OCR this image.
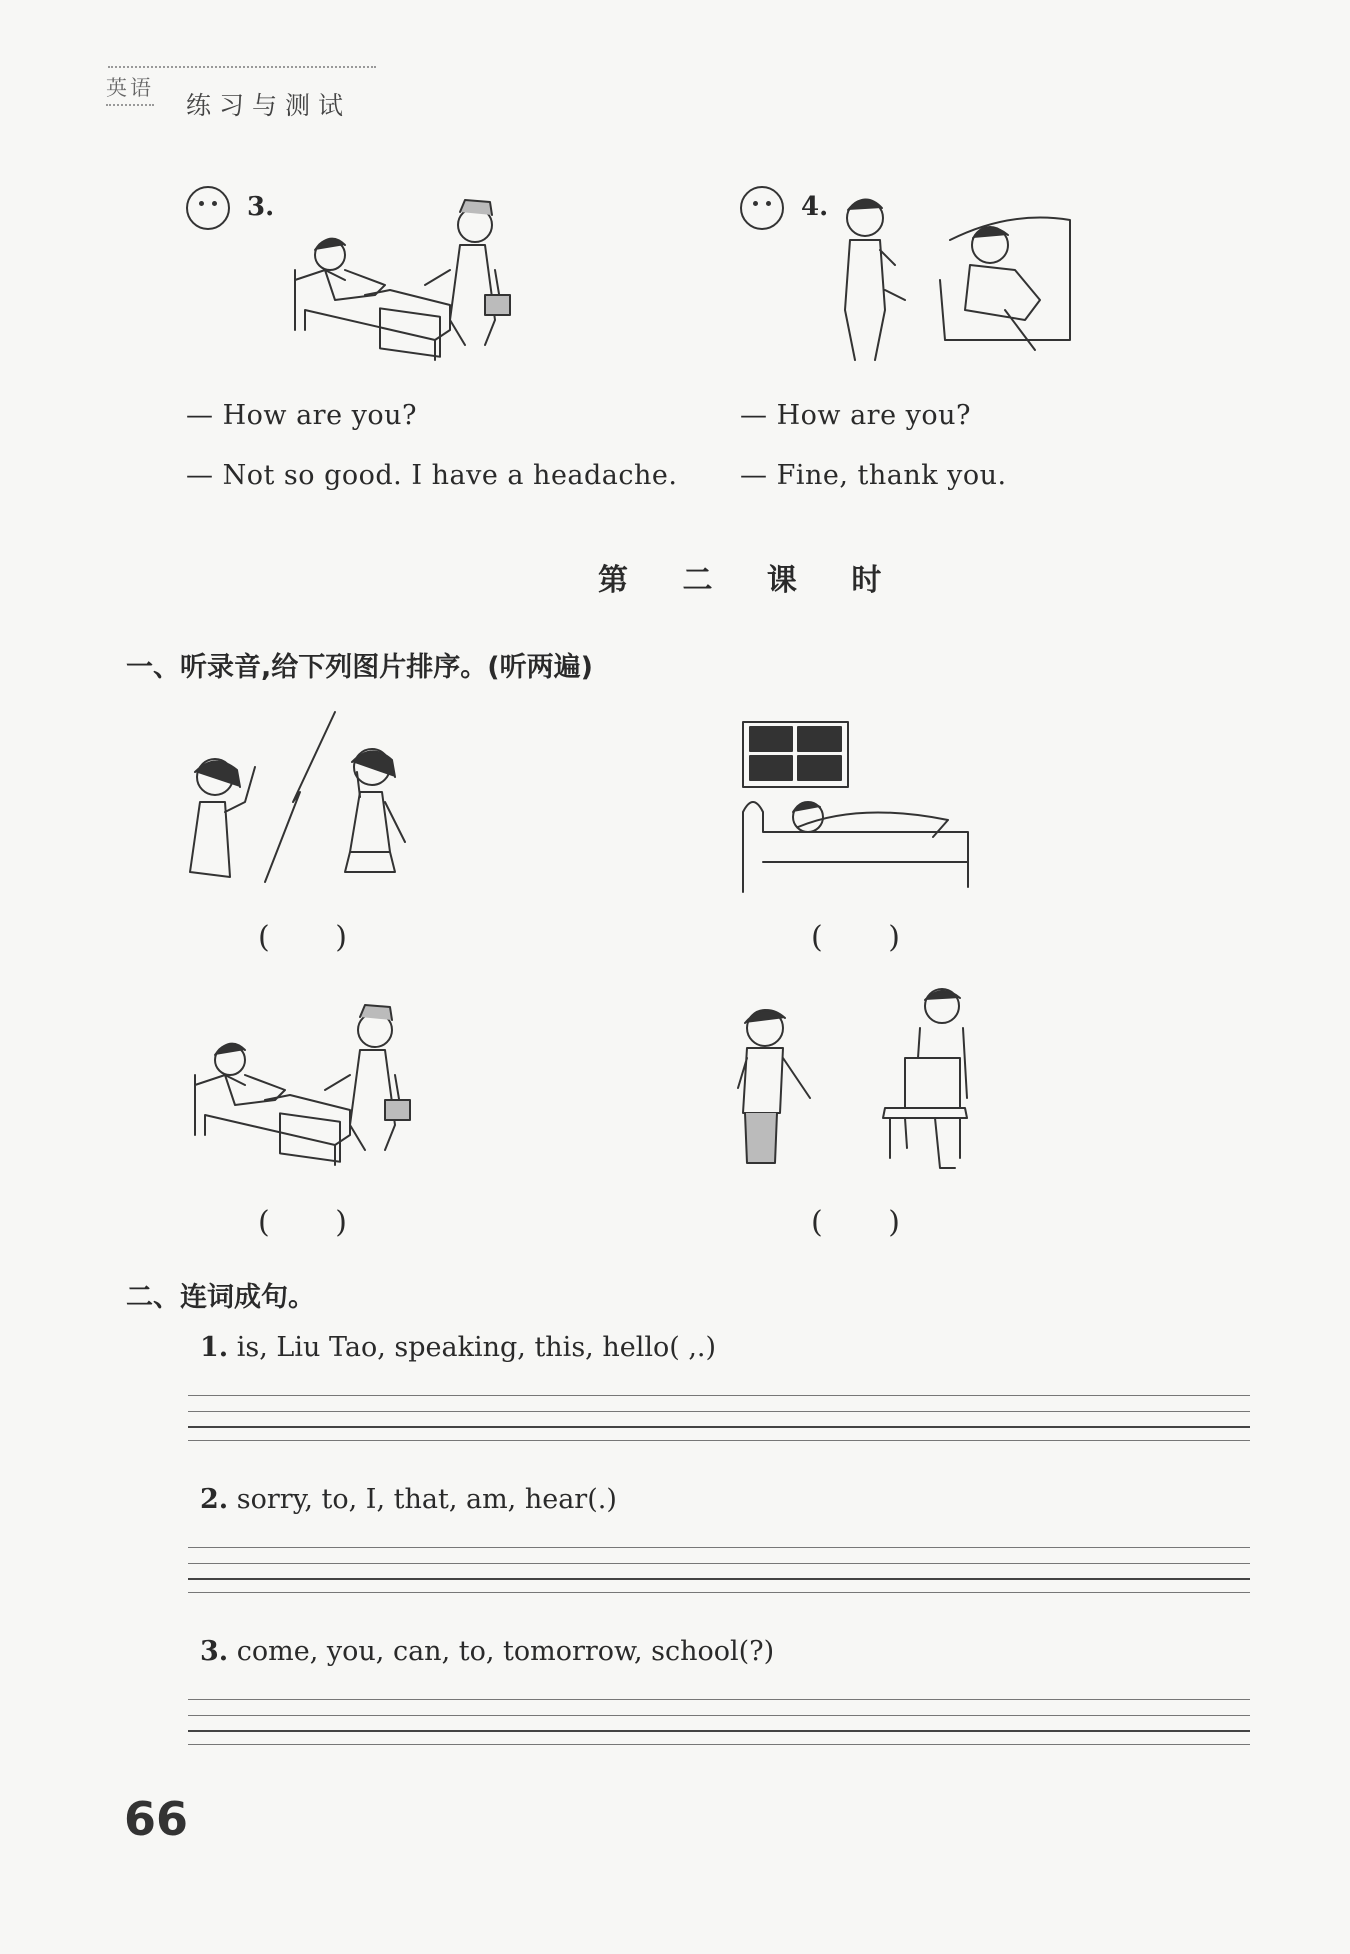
英语
练习与测试
3.
— How are you?
— Not so good. I have a headache.
4.
— How are you?
— Fine, thank you.
第 二 课 时
一、听录音,给下列图片排序。(听两遍)
( )	( )
( )	( )
二、连词成句。
1. is, Liu Tao, speaking, this, hello( ,.)
2. sorry, to, I, that, am, hear(.)
3. come, you, can, to, tomorrow, school(?)
66
